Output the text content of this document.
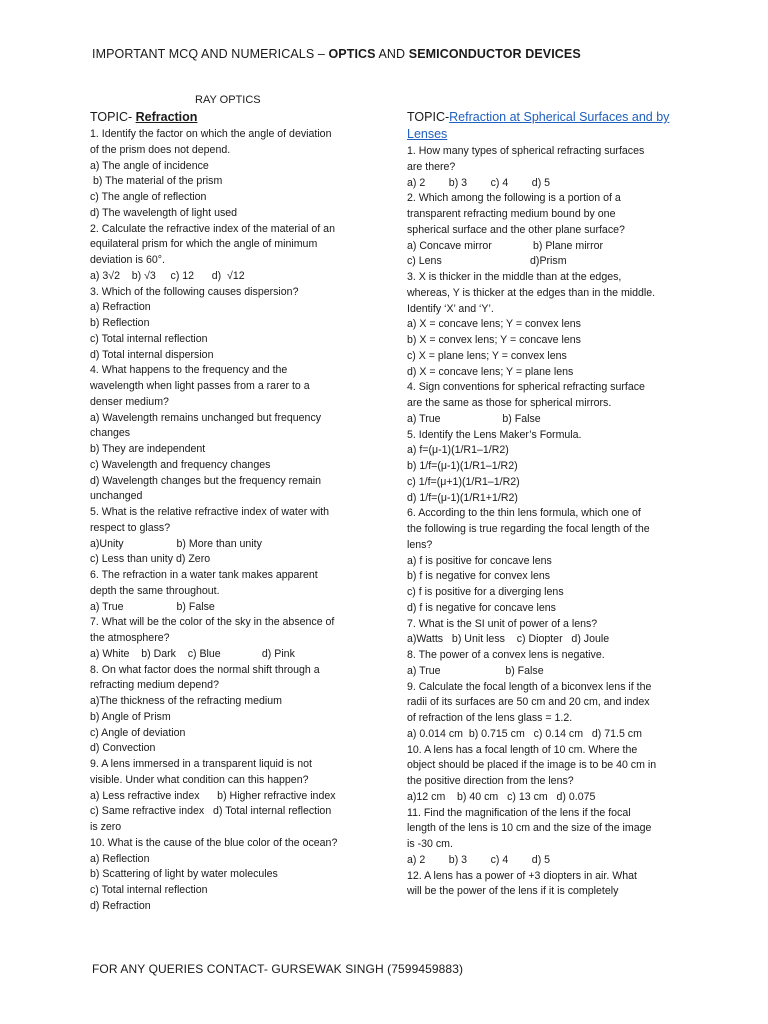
IMPORTANT MCQ AND NUMERICALS – OPTICS AND SEMICONDUCTOR DEVICES
RAY OPTICS
TOPIC- Refraction
1. Identify the factor on which the angle of deviation
of the prism does not depend.
a) The angle of incidence
b) The material of the prism
c) The angle of reflection
d) The wavelength of light used
2. Calculate the refractive index of the material of an
equilateral prism for which the angle of minimum
deviation is 60°.
a) 3√2    b) √3     c) 12      d)  √12
3. Which of the following causes dispersion?
a) Refraction
b) Reflection
c) Total internal reflection
d) Total internal dispersion
4. What happens to the frequency and the
wavelength when light passes from a rarer to a
denser medium?
a) Wavelength remains unchanged but frequency
changes
b) They are independent
c) Wavelength and frequency changes
d) Wavelength changes but the frequency remain
unchanged
5. What is the relative refractive index of water with
respect to glass?
a)Unity                  b) More than unity
c) Less than unity d) Zero
6. The refraction in a water tank makes apparent
depth the same throughout.
a) True                  b) False
7. What will be the color of the sky in the absence of
the atmosphere?
a) White    b) Dark    c) Blue              d) Pink
8. On what factor does the normal shift through a
refracting medium depend?
a)The thickness of the refracting medium
b) Angle of Prism
c) Angle of deviation
d) Convection
9. A lens immersed in a transparent liquid is not
visible. Under what condition can this happen?
a) Less refractive index      b) Higher refractive index
c) Same refractive index   d) Total internal reflection
is zero
10. What is the cause of the blue color of the ocean?
a) Reflection
b) Scattering of light by water molecules
c) Total internal reflection
d) Refraction
TOPIC-Refraction at Spherical Surfaces and by
Lenses
1. How many types of spherical refracting surfaces
are there?
a) 2        b) 3        c) 4        d) 5
2. Which among the following is a portion of a
transparent refracting medium bound by one
spherical surface and the other plane surface?
a) Concave mirror              b) Plane mirror
c) Lens                              d)Prism
3. X is thicker in the middle than at the edges,
whereas, Y is thicker at the edges than in the middle.
Identify ‘X’ and ‘Y’.
a) X = concave lens; Y = convex lens
b) X = convex lens; Y = concave lens
c) X = plane lens; Y = convex lens
d) X = concave lens; Y = plane lens
4. Sign conventions for spherical refracting surface
are the same as those for spherical mirrors.
a) True                     b) False
5. Identify the Lens Maker’s Formula.
a) f=(μ-1)(1/R1–1/R2)
b) 1/f=(μ-1)(1/R1–1/R2)
c) 1/f=(μ+1)(1/R1–1/R2)
d) 1/f=(μ-1)(1/R1+1/R2)
6. According to the thin lens formula, which one of
the following is true regarding the focal length of the
lens?
a) f is positive for concave lens
b) f is negative for convex lens
c) f is positive for a diverging lens
d) f is negative for concave lens
7. What is the SI unit of power of a lens?
a)Watts   b) Unit less    c) Diopter   d) Joule
8. The power of a convex lens is negative.
a) True                      b) False
9. Calculate the focal length of a biconvex lens if the
radii of its surfaces are 50 cm and 20 cm, and index
of refraction of the lens glass = 1.2.
a) 0.014 cm  b) 0.715 cm   c) 0.14 cm   d) 71.5 cm
10. A lens has a focal length of 10 cm. Where the
object should be placed if the image is to be 40 cm in
the positive direction from the lens?
a)12 cm    b) 40 cm   c) 13 cm   d) 0.075
11. Find the magnification of the lens if the focal
length of the lens is 10 cm and the size of the image
is -30 cm.
a) 2        b) 3        c) 4        d) 5
12. A lens has a power of +3 diopters in air. What
will be the power of the lens if it is completely
FOR ANY QUERIES CONTACT- GURSEWAK SINGH (7599459883)
